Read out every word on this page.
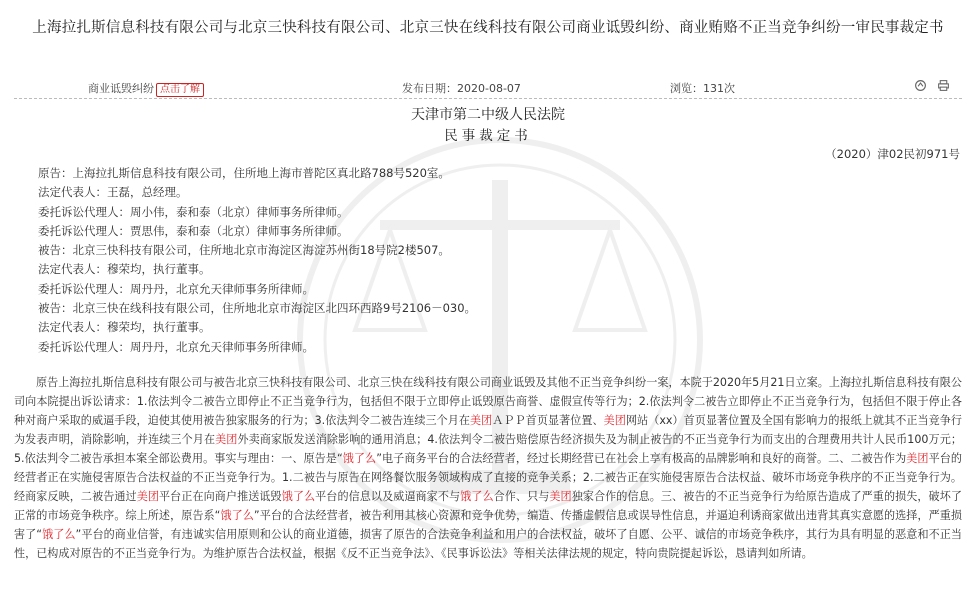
上海拉扎斯信息科技有限公司与北京三快科技有限公司、北京三快在线科技有限公司商业诋毁纠纷、商业贿赂不正当竞争纠纷一审民事裁定书
商业诋毁纠纷 点击了解	发布日期：2020-08-07	浏览：131次

天津市第二中级人民法院
民事裁定书
（2020）津02民初971号
原告：上海拉扎斯信息科技有限公司，住所地上海市普陀区真北路788号520室。
法定代表人：王磊，总经理。
委托诉讼代理人：周小伟，泰和泰（北京）律师事务所律师。
委托诉讼代理人：贾思伟，泰和泰（北京）律师事务所律师。
被告：北京三快科技有限公司，住所地北京市海淀区海淀苏州街18号院2楼507。
法定代表人：穆荣均，执行董事。
委托诉讼代理人：周丹丹，北京允天律师事务所律师。
被告：北京三快在线科技有限公司，住所地北京市海淀区北四环西路9号2106－030。
法定代表人：穆荣均，执行董事。
委托诉讼代理人：周丹丹，北京允天律师事务所律师。
原告上海拉扎斯信息科技有限公司与被告北京三快科技有限公司、北京三快在线科技有限公司商业诋毁及其他不正当竞争纠纷一案，本院于2020年5月21日立案。上海拉扎斯信息科技有限公司向本院提出诉讼请求：1.依法判令二被告立即停止不正当竞争行为，包括但不限于立即停止诋毁原告商誉、虚假宣传等行为；2.依法判令二被告立即停止不正当竞争行为，包括但不限于停止各种对商户采取的威逼手段，迫使其使用被告独家服务的行为；3.依法判令二被告连续三个月在美团ＡＰＰ首页显著位置、美团网站（xx）首页显著位置及全国有影响力的报纸上就其不正当竞争行为发表声明，消除影响，并连续三个月在美团外卖商家版发送消除影响的通用消息；4.依法判令二被告赔偿原告经济损失及为制止被告的不正当竞争行为而支出的合理费用共计人民币100万元；5.依法判令二被告承担本案全部讼费用。事实与理由：一、原告是“饿了么”电子商务平台的合法经营者，经过长期经营已在社会上享有极高的品牌影响和良好的商誉。二、二被告作为美团平台的经营者正在实施侵害原告合法权益的不正当竞争行为。1.二被告与原告在网络餐饮服务领域构成了直接的竞争关系；2.二被告正在实施侵害原告合法权益、破坏市场竞争秩序的不正当竞争行为。经商家反映，二被告通过美团平台正在向商户推送诋毁饿了么平台的信息以及威逼商家不与饿了么合作、只与美团独家合作的信息。三、被告的不正当竞争行为给原告造成了严重的损失，破坏了正常的市场竞争秩序。综上所述，原告系“饿了么”平台的合法经营者，被告利用其核心资源和竞争优势，编造、传播虚假信息或误导性信息，并逼迫利诱商家做出违背其真实意愿的选择，严重损害了“饿了么”平台的商业信誉，有违诚实信用原则和公认的商业道德，损害了原告的合法竞争利益和用户的合法权益，破坏了自愿、公平、诚信的市场竞争秩序，其行为具有明显的恶意和不正当性，已构成对原告的不正当竞争行为。为维护原告合法权益，根据《反不正当竞争法》、《民事诉讼法》等相关法律法规的规定，特向贵院提起诉讼，恳请判如所请。
